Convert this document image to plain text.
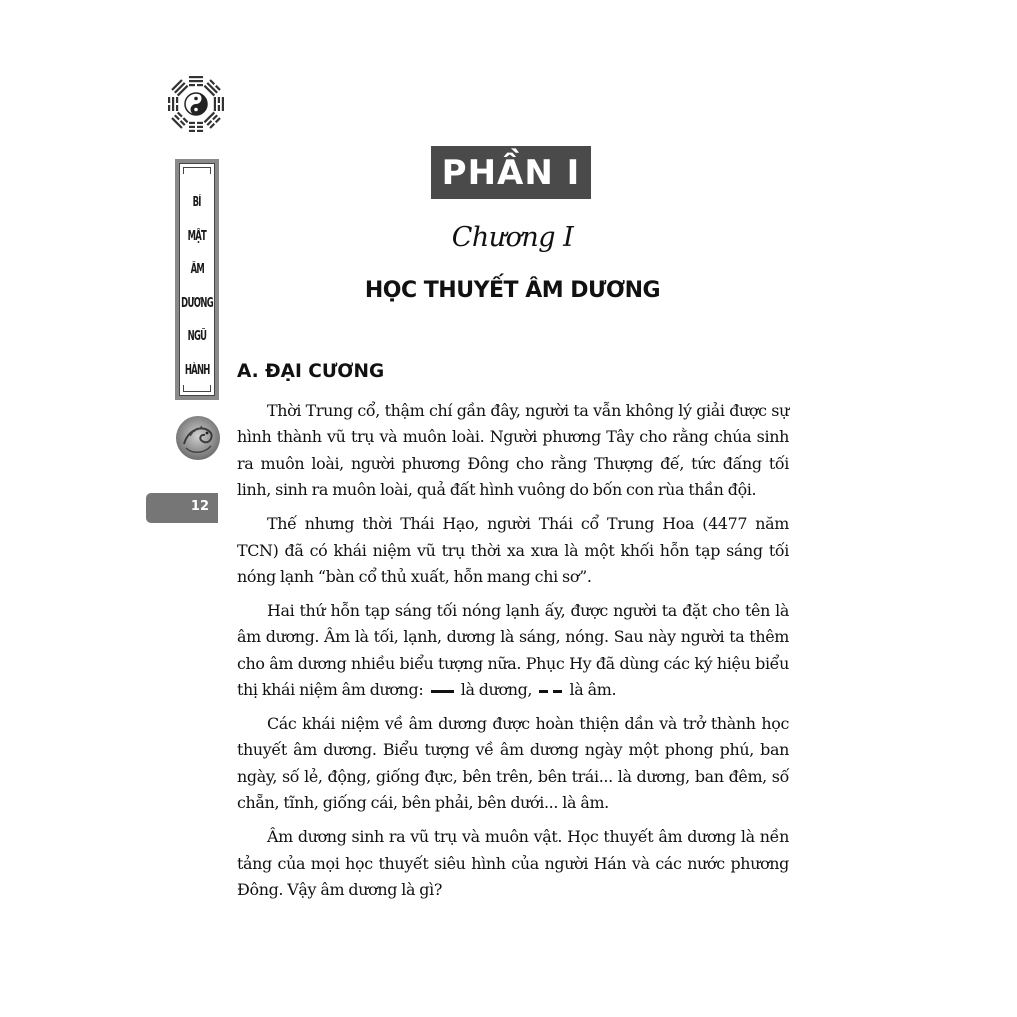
BÍ
MẬT
ÂM
DƯƠNG
NGŨ
HÀNH
12
PHẦN I
Chương I
HỌC THUYẾT ÂM DƯƠNG
A. ĐẠI CƯƠNG

Thời Trung cổ, thậm chí gần đây, người ta vẫn không lý giải được sự hình thành vũ trụ và muôn loài. Người phương Tây cho rằng chúa sinh ra muôn loài, người phương Đông cho rằng Thượng đế, tức đấng tối linh, sinh ra muôn loài, quả đất hình vuông do bốn con rùa thần đội.

Thế nhưng thời Thái Hạo, người Thái cổ Trung Hoa (4477 năm TCN) đã có khái niệm vũ trụ thời xa xưa là một khối hỗn tạp sáng tối nóng lạnh “bàn cổ thủ xuất, hỗn mang chi sơ”.

Hai thứ hỗn tạp sáng tối nóng lạnh ấy, được người ta đặt cho tên là âm dương. Âm là tối, lạnh, dương là sáng, nóng. Sau này người ta thêm cho âm dương nhiều biểu tượng nữa. Phục Hy đã dùng các ký hiệu biểu thị khái niệm âm dương: là dương, là âm.

Các khái niệm về âm dương được hoàn thiện dần và trở thành học thuyết âm dương. Biểu tượng về âm dương ngày một phong phú, ban ngày, số lẻ, động, giống đực, bên trên, bên trái... là dương, ban đêm, số chẵn, tĩnh, giống cái, bên phải, bên dưới... là âm.

Âm dương sinh ra vũ trụ và muôn vật. Học thuyết âm dương là nền tảng của mọi học thuyết siêu hình của người Hán và các nước phương Đông. Vậy âm dương là gì?
